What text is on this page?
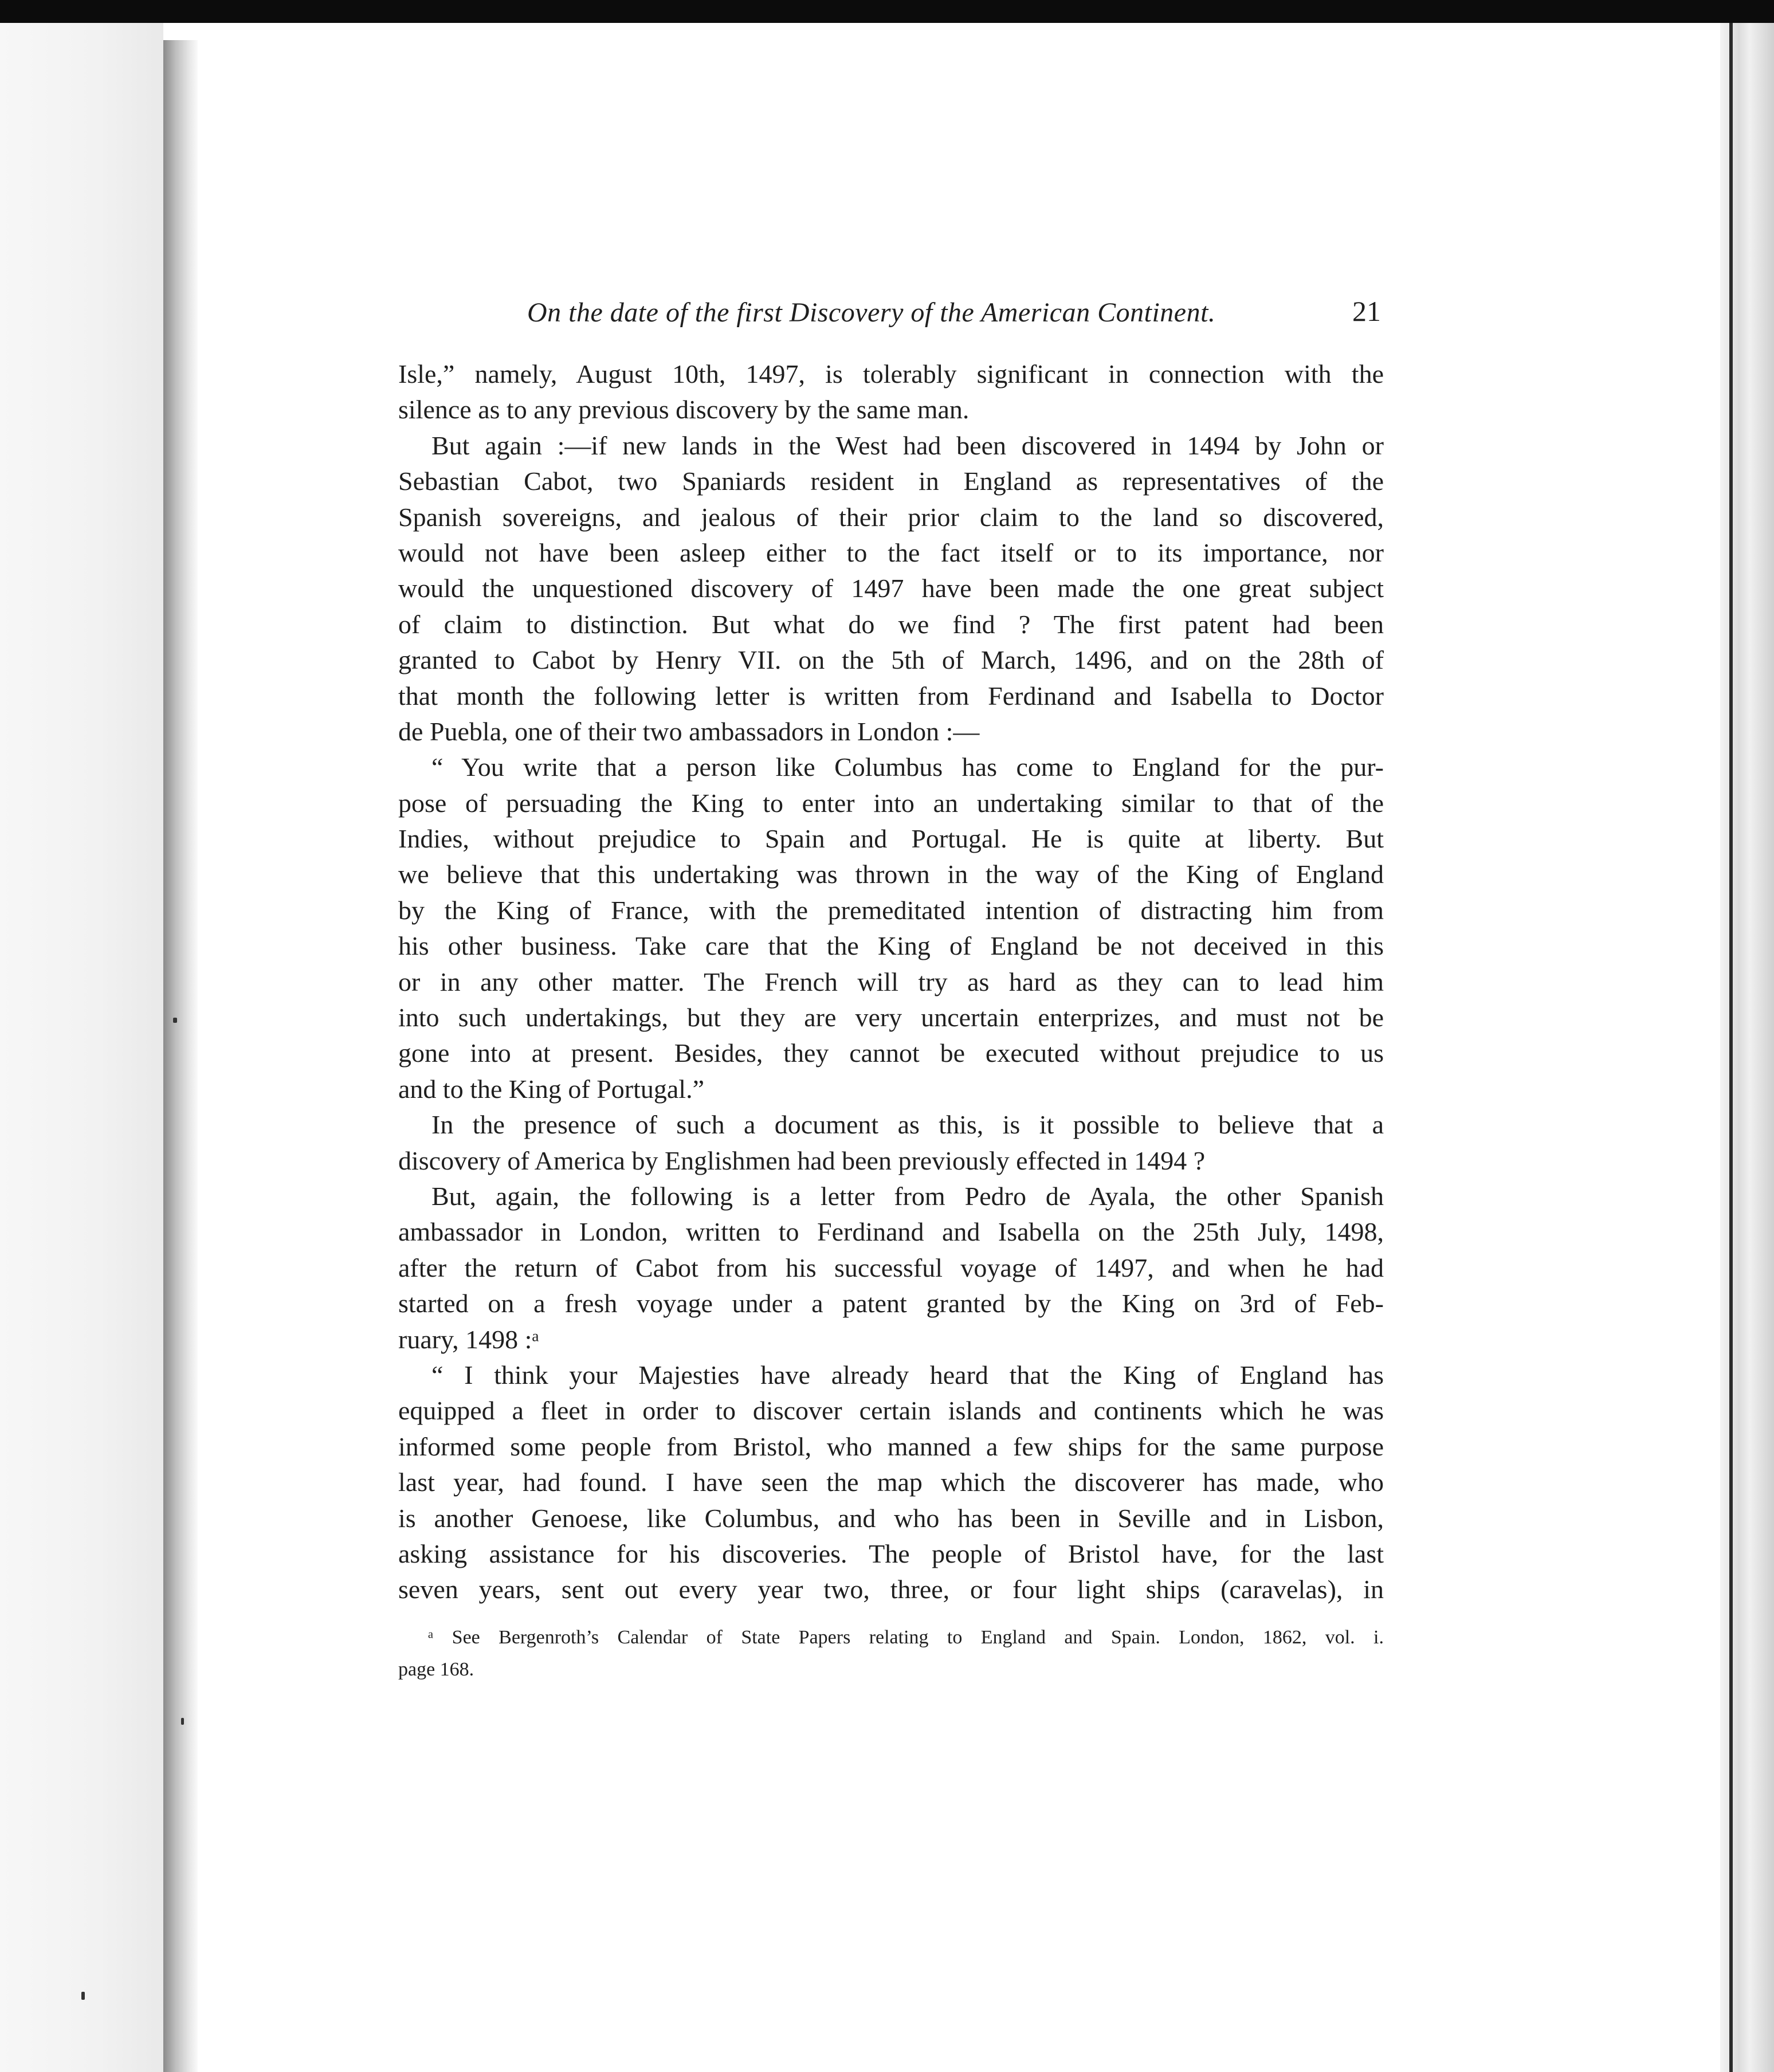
On the date of the first Discovery of the American Continent.	21
Isle,” namely, August 10th, 1497, is tolerably significant in connection with the
silence as to any previous discovery by the same man.
But again :—if new lands in the West had been discovered in 1494 by John or
Sebastian Cabot, two Spaniards resident in England as representatives of the
Spanish sovereigns, and jealous of their prior claim to the land so discovered,
would not have been asleep either to the fact itself or to its importance, nor
would the unquestioned discovery of 1497 have been made the one great subject
of claim to distinction. But what do we find ? The first patent had been
granted to Cabot by Henry VII. on the 5th of March, 1496, and on the 28th of
that month the following letter is written from Ferdinand and Isabella to Doctor
de Puebla, one of their two ambassadors in London :—
“ You write that a person like Columbus has come to England for the pur-
pose of persuading the King to enter into an undertaking similar to that of the
Indies, without prejudice to Spain and Portugal. He is quite at liberty. But
we believe that this undertaking was thrown in the way of the King of England
by the King of France, with the premeditated intention of distracting him from
his other business. Take care that the King of England be not deceived in this
or in any other matter. The French will try as hard as they can to lead him
into such undertakings, but they are very uncertain enterprizes, and must not be
gone into at present. Besides, they cannot be executed without prejudice to us
and to the King of Portugal.”
In the presence of such a document as this, is it possible to believe that a
discovery of America by Englishmen had been previously effected in 1494 ?
But, again, the following is a letter from Pedro de Ayala, the other Spanish
ambassador in London, written to Ferdinand and Isabella on the 25th July, 1498,
after the return of Cabot from his successful voyage of 1497, and when he had
started on a fresh voyage under a patent granted by the King on 3rd of Feb-
ruary, 1498 :ᵃ
“ I think your Majesties have already heard that the King of England has
equipped a fleet in order to discover certain islands and continents which he was
informed some people from Bristol, who manned a few ships for the same purpose
last year, had found. I have seen the map which the discoverer has made, who
is another Genoese, like Columbus, and who has been in Seville and in Lisbon,
asking assistance for his discoveries. The people of Bristol have, for the last
seven years, sent out every year two, three, or four light ships (caravelas), in
ᵃ See Bergenroth’s Calendar of State Papers relating to England and Spain. London, 1862, vol. i.
page 168.
